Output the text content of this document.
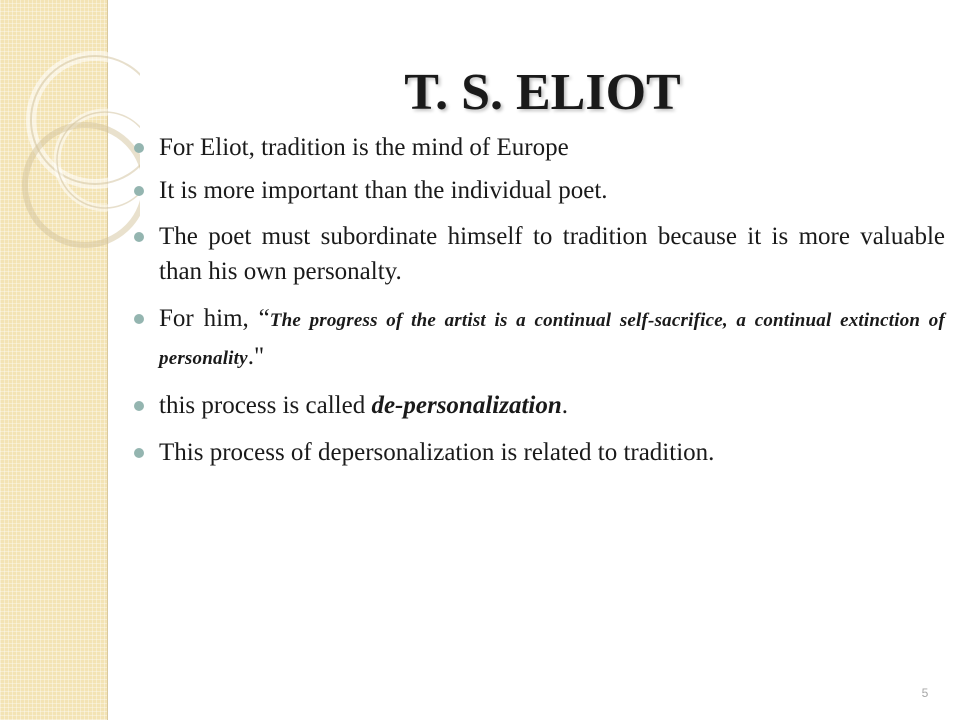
T. S. ELIOT
For Eliot, tradition is the mind of Europe
It is more important than the individual poet.
The poet must subordinate himself to tradition because it is more valuable than his own personalty.
For him, “The progress of the artist is a continual self-sacrifice, a continual extinction of personality."
this process is called de-personalization.
This process of depersonalization is related to tradition.
5
